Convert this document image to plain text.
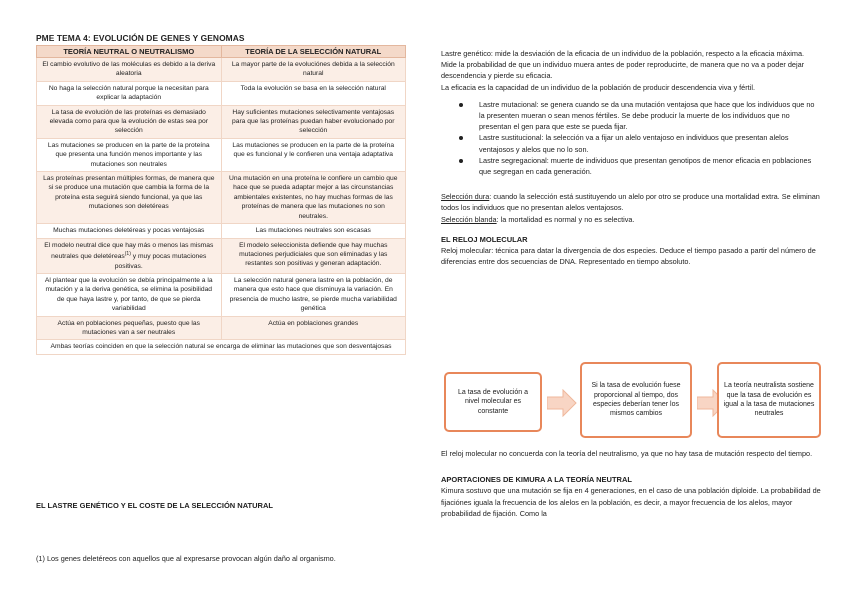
PME TEMA 4: EVOLUCIÓN DE GENES Y GENOMAS
TEORÍA NEUTRAL O NEUTRALISMO	TEORÍA DE LA SELECCIÓN NATURAL
El cambio evolutivo de las moléculas es debido a la deriva aleatoria	La mayor parte de la evoluciónes debida a la selección natural
No haga la selección natural porque la necesitan para explicar la adaptación	Toda la evolución se basa en la selección natural
La tasa de evolución de las proteínas es demasiado elevada como para que la evolución de estas sea por selección	Hay suficientes mutaciones selectivamente ventajosas para que las proteínas puedan haber evolucionado por selección
Las mutaciones se producen en la parte de la proteína que presenta una función menos importante y las mutaciones son neutrales	Las mutaciones se producen en la parte de la proteína que es funcional y le confieren una ventaja adaptativa
Las proteínas presentan múltiples formas, de manera que si se produce una mutación que cambia la forma de la proteína esta seguirá siendo funcional, ya que las mutaciones son deletéreas	Una mutación en una proteína le confiere un cambio que hace que se pueda adaptar mejor a las circunstancias ambientales existentes, no hay muchas formas de las proteínas de manera que las mutaciones no son neutrales.
Muchas mutaciones deletéreas y pocas ventajosas	Las mutaciones neutrales son escasas
El modelo neutral dice que hay más o menos las mismas neutrales que deletéreas$^{(1)}$ y muy pocas mutaciones positivas.	El modelo seleccionista defiende que hay muchas mutaciones perjudiciales que son eliminadas y las restantes son positivas y generan adaptación.
Al plantear que la evolución se debía principalmente a la mutación y a la deriva genética, se elimina la posibilidad de que haya lastre y, por tanto, de que se pierda variabilidad	La selección natural genera lastre en la población, de manera que esto hace que disminuya la variación. En presencia de mucho lastre, se pierde mucha variabilidad genética
Actúa en poblaciones pequeñas, puesto que las mutaciones van a ser neutrales	Actúa en poblaciones grandes
Ambas teorías coinciden en que la selección natural se encarga de eliminar las mutaciones que son desventajosas	
EL LASTRE GENÉTICO Y EL COSTE DE LA SELECCIÓN NATURAL
(1) Los genes deletéreos con aquellos que al expresarse provocan algún daño al organismo.

Lastre genético: mide la desviación de la eficacia de un individuo de la población, respecto a la eficacia máxima. Mide la probabilidad de que un individuo muera antes de poder reproducirte, de manera que no va a poder dejar descendencia y pierde su eficacia.

La eficacia es la capacidad de un individuo de la población de producir descendencia viva y fértil.

Lastre mutacional: se genera cuando se da una mutación ventajosa que hace que los individuos que no la presenten mueran o sean menos fértiles. Se debe producir la muerte de los individuos que no presentan el gen para que este se pueda fijar.
Lastre sustitucional: la selección va a fijar un alelo ventajoso en individuos que presentan alelos ventajosos y alelos que no lo son.
Lastre segregacional: muerte de individuos que presentan genotipos de menor eficacia en poblaciones que segregan en cada generación.

Selección dura: cuando la selección está sustituyendo un alelo por otro se produce una mortalidad extra. Se eliminan todos los individuos que no presentan alelos ventajosos.

Selección blanda: la mortalidad es normal y no es selectiva.

EL RELOJ MOLECULAR

Reloj molecular: técnica para datar la divergencia de dos especies. Deduce el tiempo pasado a partir del número de diferencias entre dos secuencias de DNA. Representado en tiempo absoluto.

La tasa de evolución a nivel molecular es constante
Si la tasa de evolución fuese proporcional al tiempo, dos especies deberían tener los mismos cambios
La teoría neutralista sostiene que la tasa de evolución es igual a la tasa de mutaciones neutrales

El reloj molecular no concuerda con la teoría del neutralismo, ya que no hay tasa de mutación respecto del tiempo.

APORTACIONES DE KIMURA A LA TEORÍA NEUTRAL

Kimura sostuvo que una mutación se fija en 4 generaciones, en el caso de una población diploide. La probabilidad de fijaciónes iguala la frecuencia de los alelos en la población, es decir, a mayor frecuencia de los alelos, mayor probabilidad de fijación. Como la
